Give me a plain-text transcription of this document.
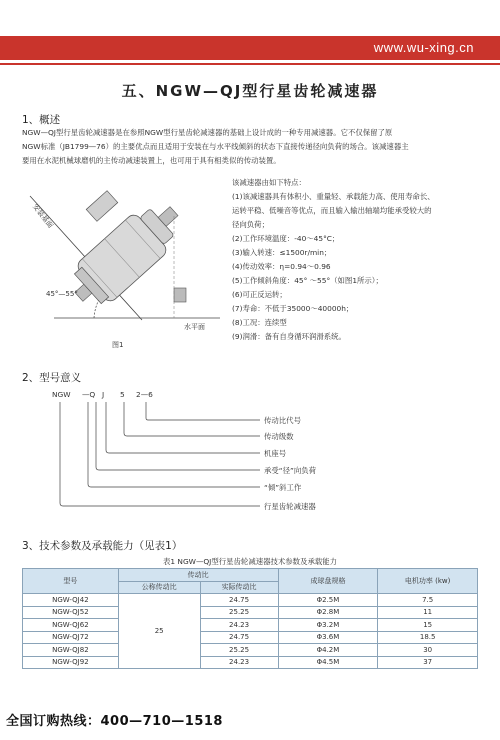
www.wu-xing.cn
五、NGW—QJ型行星齿轮减速器
1、概述

NGW—QJ型行星齿轮减速器是在参照NGW型行星齿轮减速器的基础上设计成的一种专用减速器。它不仅保留了原

NGW标准（JB1799—76）的主要优点而且适用于安装在与水平线倾斜的状态下直接传递径向负荷的场合。该减速器主

要用在水泥机械球磨机的主传动减速装置上，也可用于具有相类似的传动装置。

安装基面
45°—55°
水平面
图1

该减速器由如下特点：

(1)该减速器具有体积小、重量轻、承载能力高、使用寿命长、

运转平稳、低噪音等优点，而且输入输出轴端均能承受较大的

径向负荷；

(2)工作环境温度：-40～45°C；

(3)输入转速：≤1500r/min；

(4)传动效率：η=0.94～0.96

(5)工作倾斜角度：45° ～55°（如图1所示）；

(6)可正反运转；

(7)寿命：不低于35000～40000h；

(8)工况：连续型

(9)润滑：备有自身循环润滑系统。

2、型号意义
NGW —Q J 5 2—6
传动比代号
传动级数
机座号
承受“径”向负荷
“倾”斜工作
行星齿轮减速器
3、技术参数及承载能力（见表1）
表1 NGW—QJ型行星齿轮减速器技术参数及承载能力
型号	传动比		成球盘规格	电机功率 (kw)
	公称传动比	实际传动比		
NGW-QJ42	25	24.75	Φ2.5M	7.5
NGW-QJ52		25.25	Φ2.8M	11
NGW-QJ62		24.23	Φ3.2M	15
NGW-QJ72		24.75	Φ3.6M	18.5
NGW-QJ82		25.25	Φ4.2M	30
NGW-QJ92		24.23	Φ4.5M	37
全国订购热线：400—710—1518
